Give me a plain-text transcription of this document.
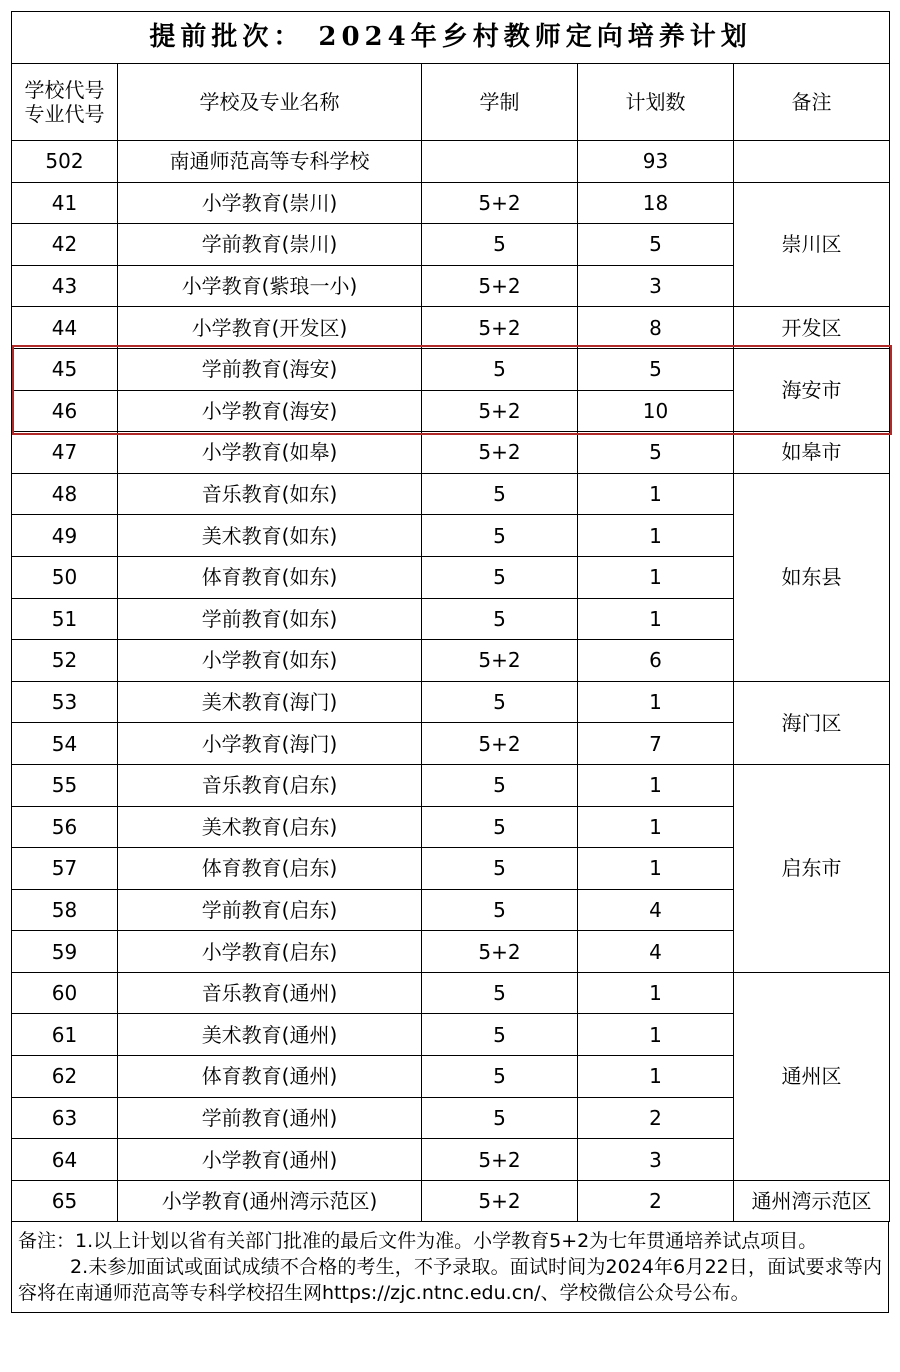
提前批次： 2024年乡村教师定向培养计划				

学校代号
专业代号	学校及专业名称	学制	计划数	备注
502	南通师范高等专科学校		93	
41	小学教育(崇川)	5+2	18	崇川区
42	学前教育(崇川)	5	5	
43	小学教育(紫琅一小)	5+2	3	
44	小学教育(开发区)	5+2	8	开发区
45	学前教育(海安)	5	5	海安市
46	小学教育(海安)	5+2	10	
47	小学教育(如皋)	5+2	5	如皋市
48	音乐教育(如东)	5	1	如东县
49	美术教育(如东)	5	1	
50	体育教育(如东)	5	1	
51	学前教育(如东)	5	1	
52	小学教育(如东)	5+2	6	
53	美术教育(海门)	5	1	海门区
54	小学教育(海门)	5+2	7	
55	音乐教育(启东)	5	1	启东市
56	美术教育(启东)	5	1	
57	体育教育(启东)	5	1	
58	学前教育(启东)	5	4	
59	小学教育(启东)	5+2	4	
60	音乐教育(通州)	5	1	通州区
61	美术教育(通州)	5	1	
62	体育教育(通州)	5	1	
63	学前教育(通州)	5	2	
64	小学教育(通州)	5+2	3	
65	小学教育(通州湾示范区)	5+2	2	通州湾示范区

备注：1.以上计划以省有关部门批准的最后文件为准。小学教育5+2为七年贯通培养试点项目。

2.未参加面试或面试成绩不合格的考生，不予录取。面试时间为2024年6月22日，面试要求等内容将在南通师范高等专科学校招生网https://zjc.ntnc.edu.cn/、学校微信公众号公布。
